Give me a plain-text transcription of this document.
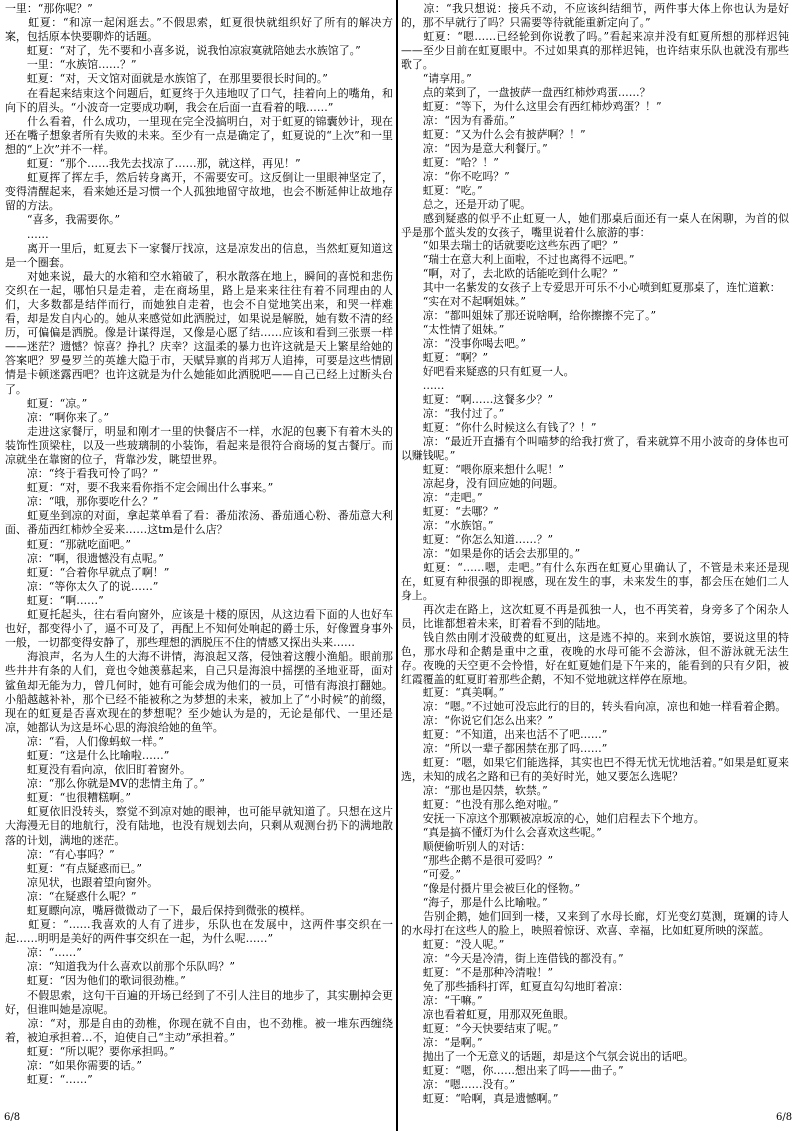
一里：“那你呢？”

　　虹夏：“和凉一起闲逛去。”不假思索，虹夏很快就组织好了所有的解决方案，包括原本快要聊炸的话题。

　　虹夏：“对了，先不要和小喜多说，说我怕凉寂寞就陪她去水族馆了。”

　　一里：“水族馆……？”

　　虹夏：“对，天文馆对面就是水族馆了，在那里要很长时间的。”

　　在看起来结束这个问题后，虹夏终于久违地叹了口气，挂着向上的嘴角，和向下的眉头。“小波奇一定要成功啊，我会在后面一直看着的哦……”

　　什么看着，什么成功，一里现在完全没搞明白，对于虹夏的锦囊妙计，现在还在嘴子想象者所有失败的未来。至少有一点是确定了，虹夏说的“上次”和一里想的“上次”并不一样。

　　虹夏：“那个……我先去找凉了……那，就这样，再见！”

　　虹夏挥了挥左手，然后转身离开，不需要安可。这反倒让一里眼神坚定了，变得清醒起来，看来她还是习惯一个人孤独地留守故地，也会不断延伸让故地存留的方法。

　　“喜多，我需要你。”

　　……

　　离开一里后，虹夏去下一家餐厅找凉，这是凉发出的信息，当然虹夏知道这是一个圈套。

　　对她来说，最大的水箱和空水箱破了，积水散落在地上，瞬间的喜悦和悲伤交织在一起，哪怕只是走着，走在商场里，路上是来来往往有着不同理由的人们，大多数都是结伴而行，而她独自走着，也会不自觉地笑出来，和哭一样难看，却是发自内心的。她从来感觉如此洒脱过，如果说是解脱，她有数不清的经历，可偏偏是洒脱。像是计谋得逞，又像是心愿了结……应该和看到三张票一样——迷茫？遗憾？惊喜？挣扎？庆幸？这温柔的暴力也许这就是天上繁星给她的答案吧？罗曼罗兰的英雄大隐于市，天赋异禀的肖邦万人追捧，可要是这些情剧情是卡顿迷露西吧？也许这就是为什么她能如此洒脱吧——自己已经上过断头台了。

　　虹夏：“凉。”

　　凉：“啊你来了。”

　　走进这家餐厅，明显和刚才一里的快餐店不一样，水泥的包裹下有着木头的装饰性顶梁柱，以及一些玻璃制的小装饰，看起来是很符合商场的复古餐厅。而凉就坐在靠窗的位子，背靠沙发，眺望世界。

　　凉：“终于看我可怜了吗？”

　　虹夏：“对，要不我来看你指不定会闹出什么事来。”

　　凉：“哦，那你要吃什么？”

　　虹夏坐到凉的对面，拿起菜单看了看：番茄浓汤、番茄通心粉、番茄意大利面、番茄西红柿炒全妥来……这tm是什么店？

　　虹夏：“那就吃面吧。”

　　凉：“啊，很遗憾没有点呢。”

　　虹夏：“合着你早就点了啊！”

　　凉：“等你太久了的说……”

　　虹夏：“啊……”

　　虹夏托起头，往右看向窗外，应该是十楼的原因，从这边看下面的人也好车也好，都变得小了，逼不可及了，再配上不知何处响起的爵士乐，好像置身事外一般，一切都变得安静了，那些理想的洒脱压不住的情感又探出头来……

　　海浪声，名为人生的大海不讲情，海浪起又落，侵蚀着这艘小渔船。眼前那些井井有条的人们，竟也令她羡慕起来，自己只是海浪中摇摆的圣地亚哥，面对鲨鱼却无能为力，曾几何时，她有可能会成为他们的一员，可惜有海浪打翻她。小船越越补补，那个已经不能被称之为梦想的未来，被加上了“小时候”的前缀，现在的虹夏是否喜欢现在的梦想呢？至少她认为是的，无论是郁代、一里还是凉，她都认为这是坏心思的海浪给她的鱼竿。

　　凉：“看，人们像蚂蚁一样。”

　　虹夏：“这是什么比喻啦……”

　　虹夏没有看向凉，依旧盯着窗外。

　　凉：“那么你就是MV的悲情主角了。”

　　虹夏：“也很糟糕啊。”

　　虹夏依旧没转头，察觉不到凉对她的眼神，也可能早就知道了。只想在这片大海漫无目的地航行，没有陆地，也没有规划去向，只剩从观测台扔下的满地散落的计划，满地的迷茫。

　　凉：“有心事吗？”

　　虹夏：“有点疑惑而已。”

　　凉见状，也跟着望向窗外。

　　凉：“在疑惑什么呢？”

　　虹夏瞟向凉，嘴唇微微动了一下，最后保持到微张的模样。

　　虹夏：“……我喜欢的人有了进步，乐队也在发展中，这两件事交织在一起……明明是美好的两件事交织在一起，为什么呢……”

　　凉：“……”

　　凉：“知道我为什么喜欢以前那个乐队吗？”

　　虹夏：“因为他们的歌词很劲椎。”

　　不假思索，这句干百遍的开场已经到了不引人注目的地步了，其实删掉会更好，但谁叫她是凉呢。

　　凉：“对，那是自由的劲椎，你现在就不自由，也不劲椎。被一堆东西缠绕着，被迫承担着…不，迫使自己“主动”承担着。”

　　虹夏：“所以呢？要你承担吗。”

　　凉：“如果你需要的话。”

　　虹夏：“……”

　　凉：“我只想说：接兵不动，不应该纠结细节，两件事大体上你也认为是好的，那不早就行了吗？只需要等待就能重新定向了。”

　　虹夏：“嗯……已经轮到你说教了吗。”看起来凉并没有虹夏所想的那样迟钝——至少目前在虹夏眼中。不过如果真的那样迟钝，也许结束乐队也就没有那些歌了。

　　“请享用。”

　　点的菜到了，一盘披萨一盘西红柿炒鸡蛋……？

　　虹夏：“等下，为什么这里会有西红柿炒鸡蛋？！”

　　凉：“因为有番茄。”

　　虹夏：“又为什么会有披萨啊？！”

　　凉：“因为是意大利餐厅。”

　　虹夏：“哈？！”

　　凉：“你不吃吗？”

　　虹夏：“吃。”

　　总之，还是开动了呢。

　　感到疑惑的似乎不止虹夏一人，她们那桌后面还有一桌人在闲聊，为首的似乎是那个蓝头发的女孩子，嘴里说着什么旅游的事：

　　“如果去瑞士的话就要吃这些东西了吧？”

　　“瑞士在意大利上面啦，不过也离得不远吧。”

　　“啊，对了，去北欧的话能吃到什么呢？”

　　其中一名紫发的女孩子上专爱思开可乐不小心喷到虹夏那桌了，连忙道歉：

　　“实在对不起啊姐妹。”

　　凉：“都叫姐妹了那还说啥啊，给你擦擦不完了。”

　　“太性情了姐妹。”

　　凉：“没事你喝去吧。”

　　虹夏：“啊？”

　　好吧看来疑惑的只有虹夏一人。

　　……

　　虹夏：“啊……这餐多少？”

　　凉：“我付过了。”

　　虹夏：“你什么时候这么有钱了？！”

　　凉：“最近开直播有个叫喵梦的给我打赏了，看来就算不用小波奇的身体也可以赚钱呢。”

　　虹夏：“喂你原来想什么呢！”

　　凉起身，没有回应她的问题。

　　凉：“走吧。”

　　虹夏：“去哪？”

　　凉：“水族馆。”

　　虹夏：“你怎么知道……？”

　　凉：“如果是你的话会去那里的。”

　　虹夏：“……嗯，走吧。”有什么东西在虹夏心里确认了，不管是未来还是现在，虹夏有种很强的即视感，现在发生的事，未来发生的事，都会压在她们二人身上。

　　再次走在路上，这次虹夏不再是孤独一人，也不再笑着，身旁多了个闲杂人员，比谁都想着未来，盯着看不到的陆地。

　　钱自然由刚才没破费的虹夏出，这是逃不掉的。来到水族馆，要说这里的特色，那水母和企鹅是重中之重，夜晚的水母可能不会游泳，但不游泳就无法生存。夜晚的天空更不会怜惜，好在虹夏她们是下午来的，能看到的只有夕阳，被红霞覆盖的虹夏盯着那些企鹅，不知不觉地就这样停在原地。

　　虹夏：“真美啊。”

　　凉：“嗯。”不过她可没忘此行的目的，转头看向凉，凉也和她一样看着企鹅。

　　凉：“你说它们怎么出来？”

　　虹夏：“不知道，出来也活不了吧……”

　　凉：“所以一辈子都困禁在那了吗……”

　　虹夏：“嗯，如果它们能选择，其实也巴不得无忧无忧地活着。”如果是虹夏来选，未知的成名之路和已有的美好时光，她又要怎么选呢？

　　凉：“那也是囚禁，软禁。”

　　虹夏：“也没有那么绝对啦。”

　　安抚一下凉这个那颗被凉坂凉的心，她们启程去下个地方。

　　“真是搞不懂灯为什么会喜欢这些呢。”

　　顺便偷听别人的对话：

　　“那些企鹅不是很可爱吗？”

　　“可爱。”

　　“像是付摄片里会被巨化的怪物。”

　　“海子，那是什么比喻啦。”

　　告别企鹅，她们回到一楼，又来到了水母长廊，灯光变幻莫测，斑斓的诗人的水母打在这些人的脸上，映照着惊讶、欢喜、幸福，比如虹夏所映的深蓝。

　　虹夏：“没人呢。”

　　凉：“今天是冷清，街上连借钱的都没有。”

　　虹夏：“不是那种冷清啦！”

　　免了那些插科打诨，虹夏直勾勾地盯着凉：

　　凉：“干嘛。”

　　凉也看着虹夏，用那双死鱼眼。

　　虹夏：“今天快要结束了呢。”

　　凉：“是啊。”

　　抛出了一个无意义的话题，却是这个气氛会说出的话吧。

　　虹夏：“嗯，你……想出来了吗——曲子。”

　　凉：“嗯……没有。”

　　虹夏：“哈啊，真是遗憾啊。”

6/8	6/8
